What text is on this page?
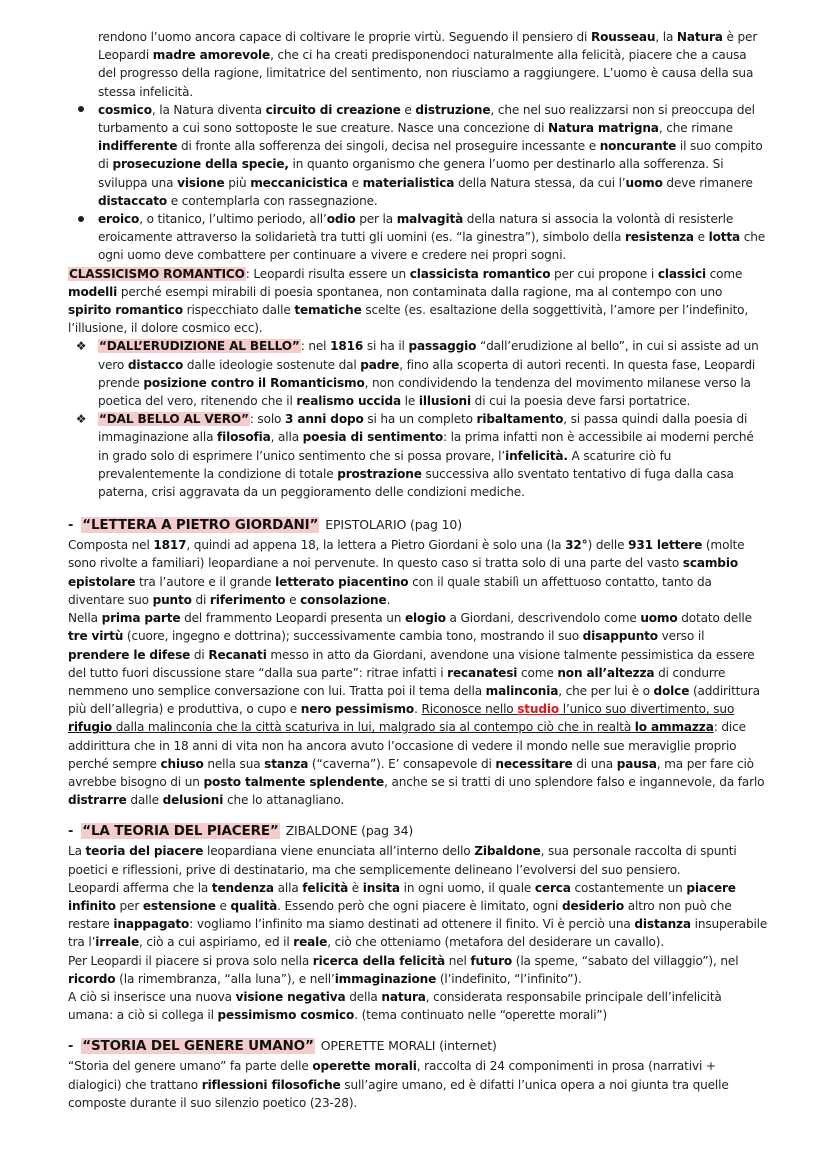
rendono l’uomo ancora capace di coltivare le proprie virtù. Seguendo il pensiero di Rousseau, la Natura è per Leopardi madre amorevole, che ci ha creati predisponendoci naturalmente alla felicità, piacere che a causa del progresso della ragione, limitatrice del sentimento, non riusciamo a raggiungere. L’uomo è causa della sua stessa infelicità.

cosmico, la Natura diventa circuito di creazione e distruzione, che nel suo realizzarsi non si preoccupa del turbamento a cui sono sottoposte le sue creature. Nasce una concezione di Natura matrigna, che rimane indifferente di fronte alla sofferenza dei singoli, decisa nel proseguire incessante e noncurante il suo compito di prosecuzione della specie, in quanto organismo che genera l’uomo per destinarlo alla sofferenza. Si sviluppa una visione più meccanicistica e materialistica della Natura stessa, da cui l’uomo deve rimanere distaccato e contemplarla con rassegnazione.
eroico, o titanico, l’ultimo periodo, all’odio per la malvagità della natura si associa la volontà di resisterle eroicamente attraverso la solidarietà tra tutti gli uomini (es. “la ginestra”), simbolo della resistenza e lotta che ogni uomo deve combattere per continuare a vivere e credere nei propri sogni.

CLASSICISMO ROMANTICO: Leopardi risulta essere un classicista romantico per cui propone i classici come modelli perché esempi mirabili di poesia spontanea, non contaminata dalla ragione, ma al contempo con uno spirito romantico rispecchiato dalle tematiche scelte (es. esaltazione della soggettività, l’amore per l’indefinito, l’illusione, il dolore cosmico ecc).

❖ “DALL’ERUDIZIONE AL BELLO”: nel 1816 si ha il passaggio “dall’erudizione al bello”, in cui si assiste ad un vero distacco dalle ideologie sostenute dal padre, fino alla scoperta di autori recenti. In questa fase, Leopardi prende posizione contro il Romanticismo, non condividendo la tendenza del movimento milanese verso la poetica del vero, ritenendo che il realismo uccida le illusioni di cui la poesia deve farsi portatrice.
❖ “DAL BELLO AL VERO”: solo 3 anni dopo si ha un completo ribaltamento, si passa quindi dalla poesia di immaginazione alla filosofia, alla poesia di sentimento: la prima infatti non è accessibile ai moderni perché in grado solo di esprimere l’unico sentimento che si possa provare, l’infelicità. A scaturire ciò fu prevalentemente la condizione di totale prostrazione successiva allo sventato tentativo di fuga dalla casa paterna, crisi aggravata da un peggioramento delle condizioni mediche.
- “LETTERA A PIETRO GIORDANI” EPISTOLARIO (pag 10)

Composta nel 1817, quindi ad appena 18, la lettera a Pietro Giordani è solo una (la 32°) delle 931 lettere (molte sono rivolte a familiari) leopardiane a noi pervenute. In questo caso si tratta solo di una parte del vasto scambio epistolare tra l’autore e il grande letterato piacentino con il quale stabilì un affettuoso contatto, tanto da diventare suo punto di riferimento e consolazione.

Nella prima parte del frammento Leopardi presenta un elogio a Giordani, descrivendolo come uomo dotato delle tre virtù (cuore, ingegno e dottrina); successivamente cambia tono, mostrando il suo disappunto verso il prendere le difese di Recanati messo in atto da Giordani, avendone una visione talmente pessimistica da essere del tutto fuori discussione stare “dalla sua parte”: ritrae infatti i recanatesi come non all’altezza di condurre nemmeno uno semplice conversazione con lui. Tratta poi il tema della malinconia, che per lui è o dolce (addirittura più dell’allegria) e produttiva, o cupo e nero pessimismo. Riconosce nello studio l’unico suo divertimento, suo rifugio dalla malinconia che la città scaturiva in lui, malgrado sia al contempo ciò che in realtà lo ammazza: dice addirittura che in 18 anni di vita non ha ancora avuto l’occasione di vedere il mondo nelle sue meraviglie proprio perché sempre chiuso nella sua stanza (“caverna”). E’ consapevole di necessitare di una pausa, ma per fare ciò avrebbe bisogno di un posto talmente splendente, anche se si tratti di uno splendore falso e ingannevole, da farlo distrarre dalle delusioni che lo attanagliano.

- “LA TEORIA DEL PIACERE” ZIBALDONE (pag 34)

La teoria del piacere leopardiana viene enunciata all’interno dello Zibaldone, sua personale raccolta di spunti poetici e riflessioni, prive di destinatario, ma che semplicemente delineano l’evolversi del suo pensiero.

Leopardi afferma che la tendenza alla felicità è insita in ogni uomo, il quale cerca costantemente un piacere infinito per estensione e qualità. Essendo però che ogni piacere è limitato, ogni desiderio altro non può che restare inappagato: vogliamo l’infinito ma siamo destinati ad ottenere il finito. Vi è perciò una distanza insuperabile tra l’irreale, ciò a cui aspiriamo, ed il reale, ciò che otteniamo (metafora del desiderare un cavallo).

Per Leopardi il piacere si prova solo nella ricerca della felicità nel futuro (la speme, “sabato del villaggio”), nel ricordo (la rimembranza, “alla luna”), e nell’immaginazione (l’indefinito, “l’infinito”).

A ciò si inserisce una nuova visione negativa della natura, considerata responsabile principale dell’infelicità umana: a ciò si collega il pessimismo cosmico. (tema continuato nelle “operette morali”)

- “STORIA DEL GENERE UMANO” OPERETTE MORALI (internet)

“Storia del genere umano” fa parte delle operette morali, raccolta di 24 componimenti in prosa (narrativi + dialogici) che trattano riflessioni filosofiche sull’agire umano, ed è difatti l’unica opera a noi giunta tra quelle composte durante il suo silenzio poetico (23-28).
